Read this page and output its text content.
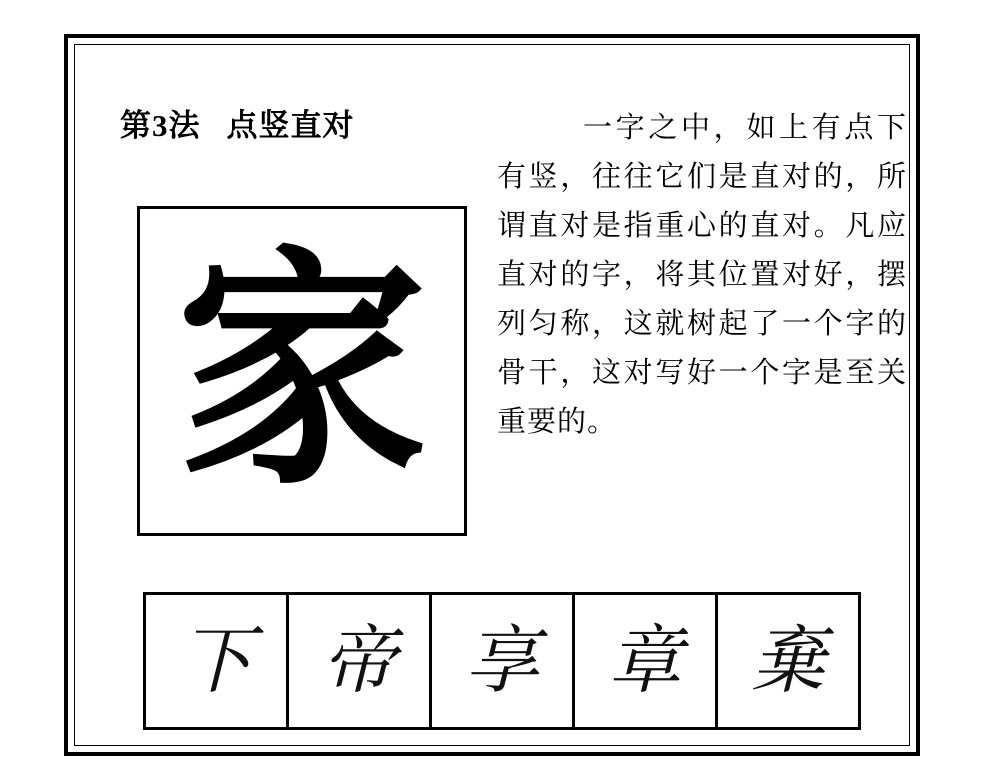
第3法 点竖直对
家
一字之中，如上有点下有竖，往往它们是直对的，所谓直对是指重心的直对。凡应直对的字，将其位置对好，摆列匀称，这就树起了一个字的骨干，这对写好一个字是至关重要的。
下 帝 享 章 棄
